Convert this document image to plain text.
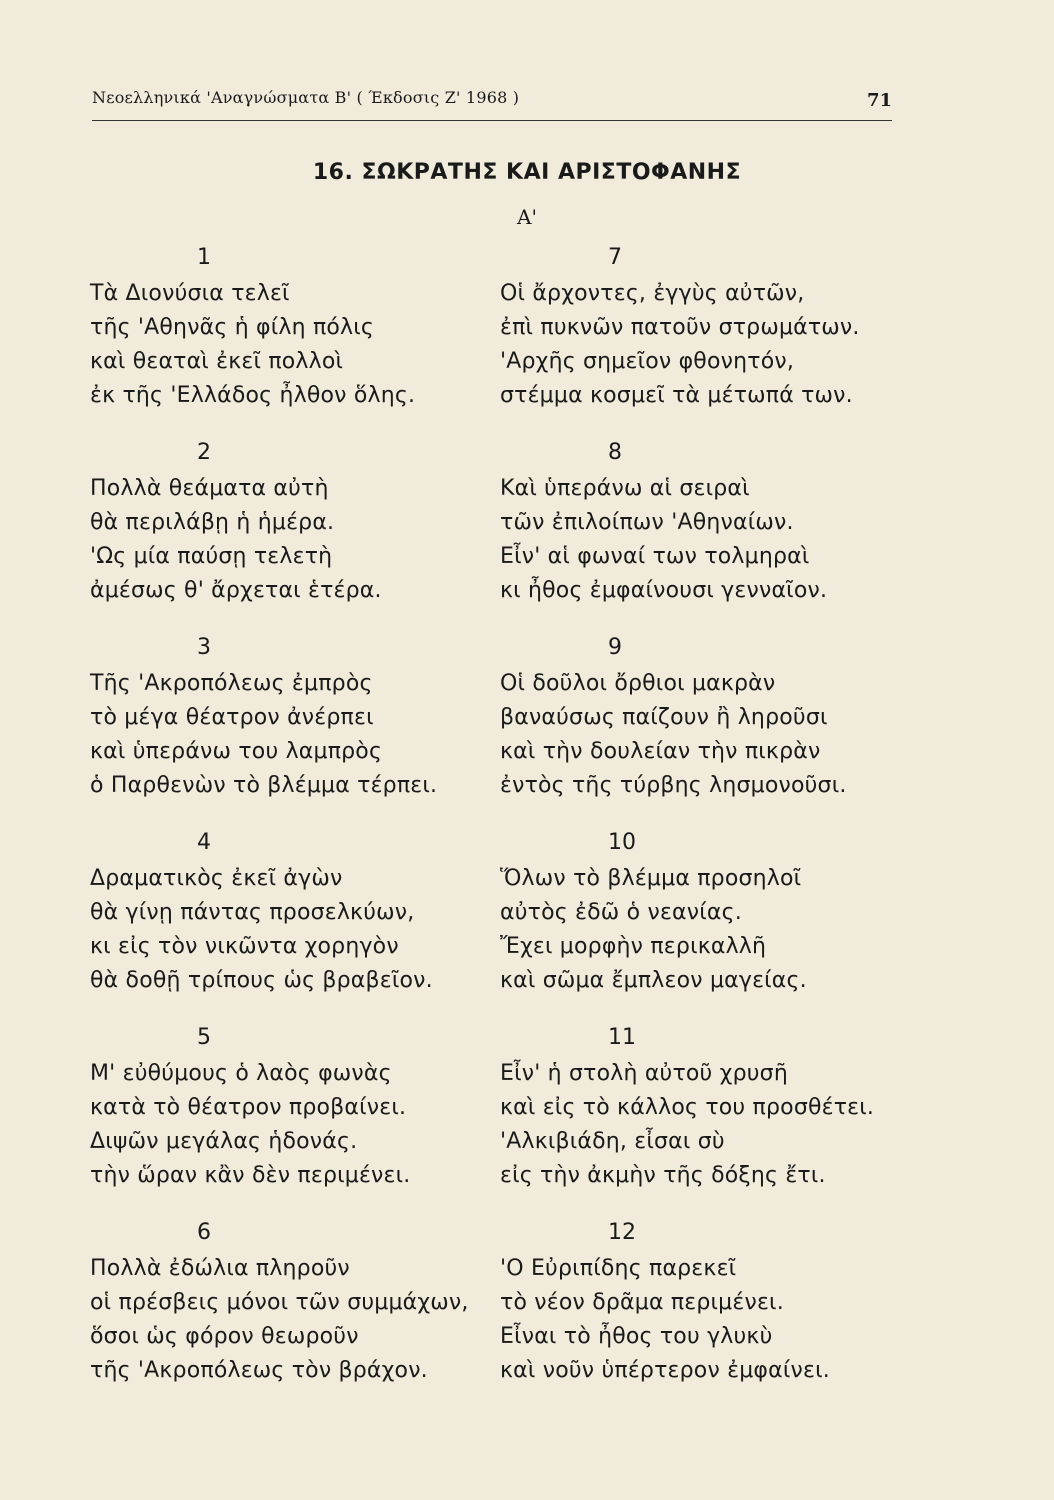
Νεοελληνικά 'Αναγνώσματα Β' ( Έκδοσις Ζ' 1968 )	71
16. ΣΩΚΡΑΤΗΣ ΚΑΙ ΑΡΙΣΤΟΦΑΝΗΣ
Α'
1
Τὰ Διονύσια τελεῖ
τῆς 'Αθηνᾶς ἡ φίλη πόλις
καὶ θεαταὶ ἐκεῖ πολλοὶ
ἐκ τῆς 'Ελλάδος ἦλθον ὅλης.
2
Πολλὰ θεάματα αὐτὴ
θὰ περιλάβῃ ἡ ἡμέρα.
'Ως μία παύσῃ τελετὴ
ἀμέσως θ' ἄρχεται ἑτέρα.
3
Τῆς 'Ακροπόλεως ἐμπρὸς
τὸ μέγα θέατρον ἀνέρπει
καὶ ὑπεράνω του λαμπρὸς
ὁ Παρθενὼν τὸ βλέμμα τέρπει.
4
Δραματικὸς ἐκεῖ ἀγὼν
θὰ γίνῃ πάντας προσελκύων,
κι εἰς τὸν νικῶντα χορηγὸν
θὰ δοθῇ τρίπους ὡς βραβεῖον.
5
Μ' εὐθύμους ὁ λαὸς φωνὰς
κατὰ τὸ θέατρον προβαίνει.
Διψῶν μεγάλας ἡδονάς.
τὴν ὥραν κἂν δὲν περιμένει.
6
Πολλὰ ἐδώλια πληροῦν
οἱ πρέσβεις μόνοι τῶν συμμάχων,
ὅσοι ὡς φόρον θεωροῦν
τῆς 'Ακροπόλεως τὸν βράχον.
7
Οἱ ἄρχοντες, ἐγγὺς αὐτῶν,
ἐπὶ πυκνῶν πατοῦν στρωμάτων.
'Αρχῆς σημεῖον φθονητόν,
στέμμα κοσμεῖ τὰ μέτωπά των.
8
Καὶ ὑπεράνω αἱ σειραὶ
τῶν ἐπιλοίπων 'Αθηναίων.
Εἶν' αἱ φωναί των τολμηραὶ
κι ἦθος ἐμφαίνουσι γενναῖον.
9
Οἱ δοῦλοι ὄρθιοι μακρὰν
βαναύσως παίζουν ἢ ληροῦσι
καὶ τὴν δουλείαν τὴν πικρὰν
ἐντὸς τῆς τύρβης λησμονοῦσι.
10
Ὅλων τὸ βλέμμα προσηλοῖ
αὐτὸς ἐδῶ ὁ νεανίας.
Ἔχει μορφὴν περικαλλῆ
καὶ σῶμα ἔμπλεον μαγείας.
11
Εἶν' ἡ στολὴ αὐτοῦ χρυσῆ
καὶ εἰς τὸ κάλλος του προσθέτει.
'Αλκιβιάδη, εἶσαι σὺ
εἰς τὴν ἀκμὴν τῆς δόξης ἔτι.
12
'Ο Εὐριπίδης παρεκεῖ
τὸ νέον δρᾶμα περιμένει.
Εἶναι τὸ ἦθος του γλυκὺ
καὶ νοῦν ὑπέρτερον ἐμφαίνει.
